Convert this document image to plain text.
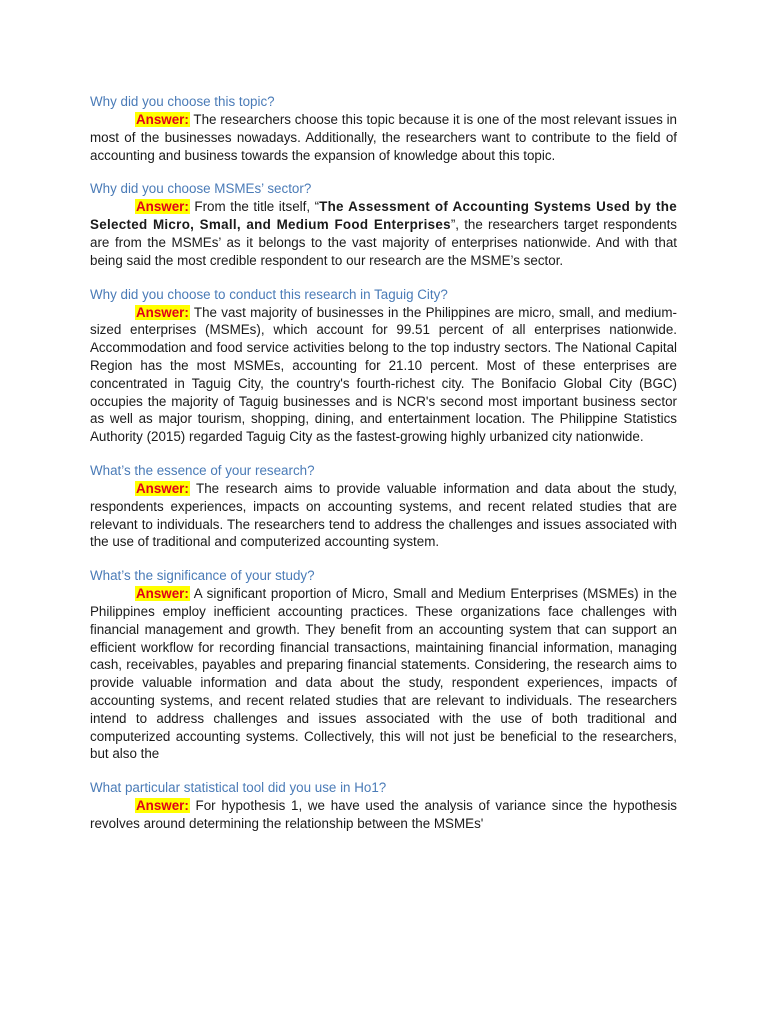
Why did you choose this topic?

Answer: The researchers choose this topic because it is one of the most relevant issues in most of the businesses nowadays. Additionally, the researchers want to contribute to the field of accounting and business towards the expansion of knowledge about this topic.

Why did you choose MSMEs’ sector?

Answer: From the title itself, “The Assessment of Accounting Systems Used by the Selected Micro, Small, and Medium Food Enterprises”, the researchers target respondents are from the MSMEs’ as it belongs to the vast majority of enterprises nationwide. And with that being said the most credible respondent to our research are the MSME’s sector.

Why did you choose to conduct this research in Taguig City?

Answer: The vast majority of businesses in the Philippines are micro, small, and medium-sized enterprises (MSMEs), which account for 99.51 percent of all enterprises nationwide. Accommodation and food service activities belong to the top industry sectors. The National Capital Region has the most MSMEs, accounting for 21.10 percent. Most of these enterprises are concentrated in Taguig City, the country's fourth-richest city. The Bonifacio Global City (BGC) occupies the majority of Taguig businesses and is NCR's second most important business sector as well as major tourism, shopping, dining, and entertainment location. The Philippine Statistics Authority (2015) regarded Taguig City as the fastest-growing highly urbanized city nationwide.

What’s the essence of your research?

Answer: The research aims to provide valuable information and data about the study, respondents experiences, impacts on accounting systems, and recent related studies that are relevant to individuals. The researchers tend to address the challenges and issues associated with the use of traditional and computerized accounting system.

What’s the significance of your study?

Answer: A significant proportion of Micro, Small and Medium Enterprises (MSMEs) in the Philippines employ inefficient accounting practices. These organizations face challenges with financial management and growth. They benefit from an accounting system that can support an efficient workflow for recording financial transactions, maintaining financial information, managing cash, receivables, payables and preparing financial statements. Considering, the research aims to provide valuable information and data about the study, respondent experiences, impacts of accounting systems, and recent related studies that are relevant to individuals. The researchers intend to address challenges and issues associated with the use of both traditional and computerized accounting systems. Collectively, this will not just be beneficial to the researchers, but also the

What particular statistical tool did you use in Ho1?

Answer: For hypothesis 1, we have used the analysis of variance since the hypothesis revolves around determining the relationship between the MSMEs'
